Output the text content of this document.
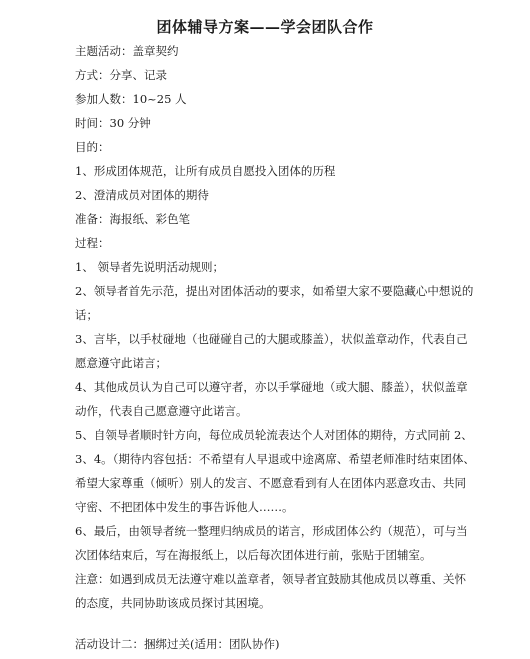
团体辅导方案——学会团队合作
主题活动：盖章契约
方式：分享、记录
参加人数：10~25 人
时间：30 分钟
目的：
1、形成团体规范，让所有成员自愿投入团体的历程
2、澄清成员对团体的期待
准备：海报纸、彩色笔
过程：
1、 领导者先说明活动规则；
2、领导者首先示范，提出对团体活动的要求，如希望大家不要隐藏心中想说的
话；
3、言毕，以手杖碰地（也碰碰自己的大腿或膝盖），状似盖章动作，代表自己
愿意遵守此诺言；
4、其他成员认为自己可以遵守者，亦以手掌碰地（或大腿、膝盖），状似盖章
动作，代表自己愿意遵守此诺言。
5、自领导者顺时针方向，每位成员轮流表达个人对团体的期待，方式同前 2、
3、4。（期待内容包括：不希望有人早退或中途离席、希望老师准时结束团体、
希望大家尊重（倾听）别人的发言、不愿意看到有人在团体内恶意攻击、共同
守密、不把团体中发生的事告诉他人……。
6、最后，由领导者统一整理归纳成员的诺言，形成团体公约（规范），可与当
次团体结束后，写在海报纸上，以后每次团体进行前，张贴于团辅室。
注意：如遇到成员无法遵守难以盖章者，领导者宜鼓励其他成员以尊重、关怀
的态度，共同协助该成员探讨其困境。
活动设计二：捆绑过关(适用：团队协作)
